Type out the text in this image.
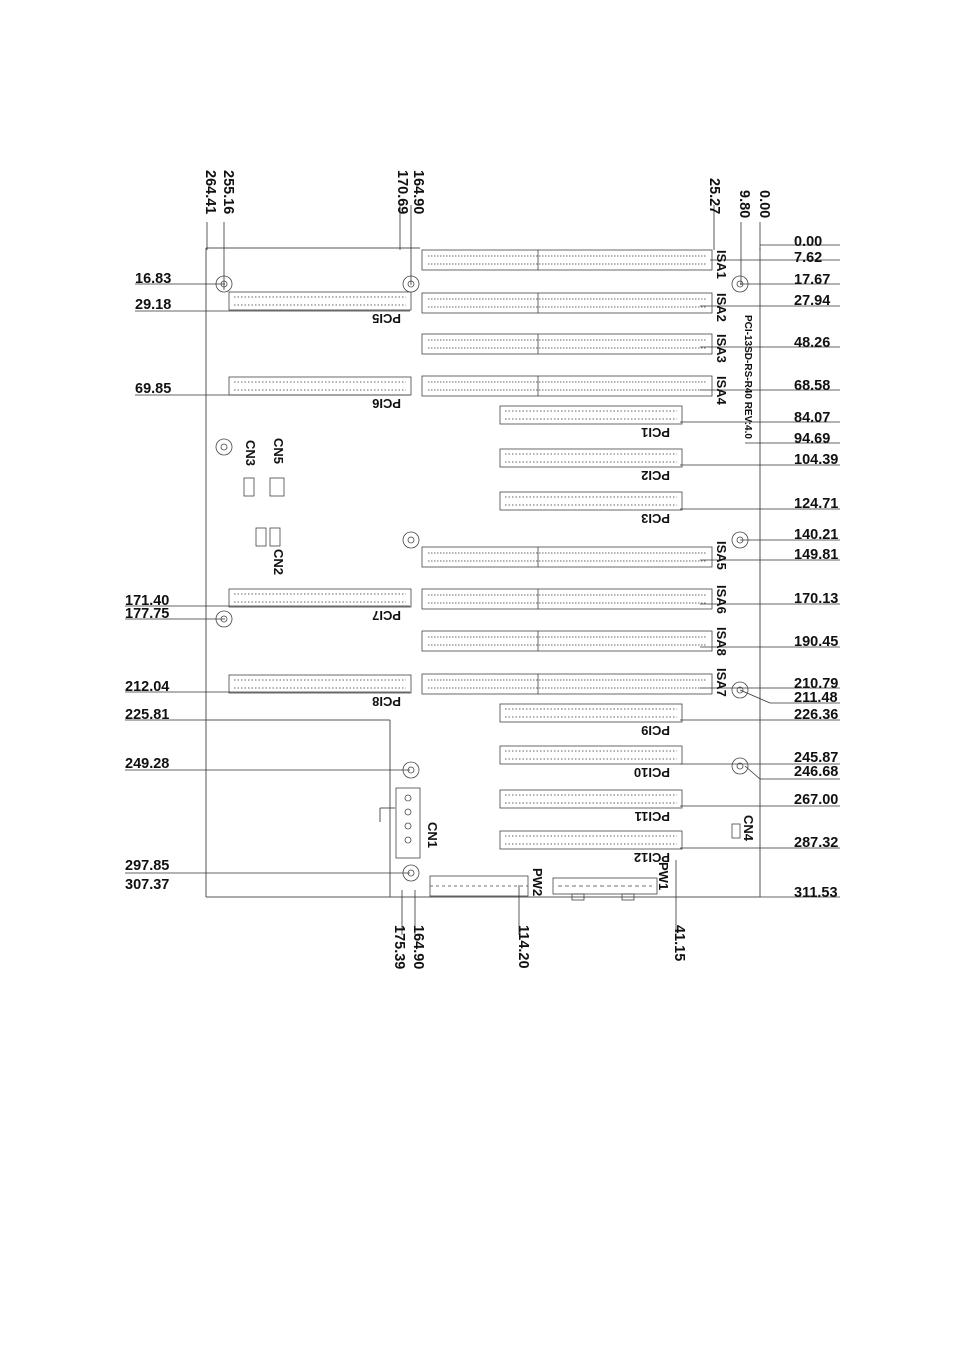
264.41 255.16	170.69 164.90	25.27 9.80 0.00
0.00
7.62
17.67
27.94
48.26
68.58
84.07
94.69
104.39
124.71
140.21
149.81
170.13
190.45
210.79
211.48
226.36
245.87
246.68
267.00
287.32
311.53
16.83
29.18
69.85
171.40
177.75
212.04
225.81
249.28
297.85
307.37
175.39 164.90	114.20	41.15
ISA1
ISA2
ISA3
ISA4
ISA5
ISA6
ISA8
ISA7
PCI1
PCI2
PCI3
PCI9
PCI10
PCI11
PCI12
PCI5
PCI6
PCI7
PCI8
CN3 CN5
CN2
CN1	CN4
PW2	PW1
PCI-13SD-RS-R40 REV:4.0
